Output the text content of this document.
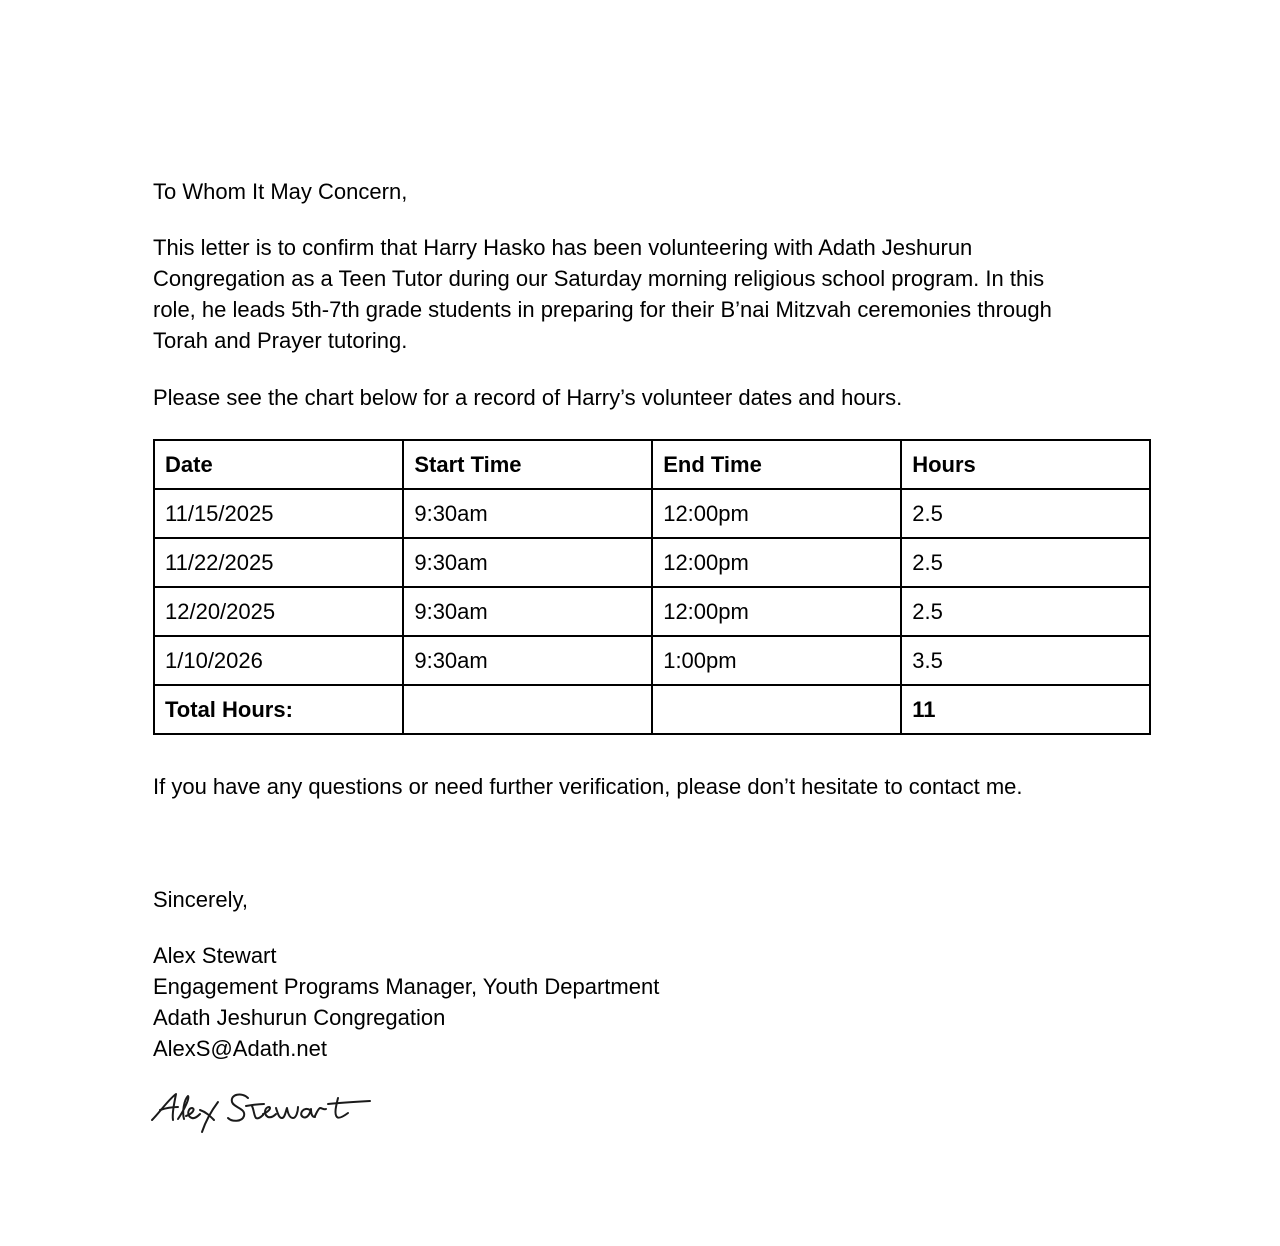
To Whom It May Concern,

This letter is to confirm that Harry Hasko has been volunteering with Adath Jeshurun
Congregation as a Teen Tutor during our Saturday morning religious school program. In this
role, he leads 5th-7th grade students in preparing for their B’nai Mitzvah ceremonies through
Torah and Prayer tutoring.

Please see the chart below for a record of Harry’s volunteer dates and hours.

Date	Start Time	End Time	Hours
11/15/2025	9:30am	12:00pm	2.5
11/22/2025	9:30am	12:00pm	2.5
12/20/2025	9:30am	12:00pm	2.5
1/10/2026	9:30am	1:00pm	3.5
Total Hours:			11

If you have any questions or need further verification, please don’t hesitate to contact me.

Sincerely,

Alex Stewart
Engagement Programs Manager, Youth Department
Adath Jeshurun Congregation
AlexS@Adath.net
